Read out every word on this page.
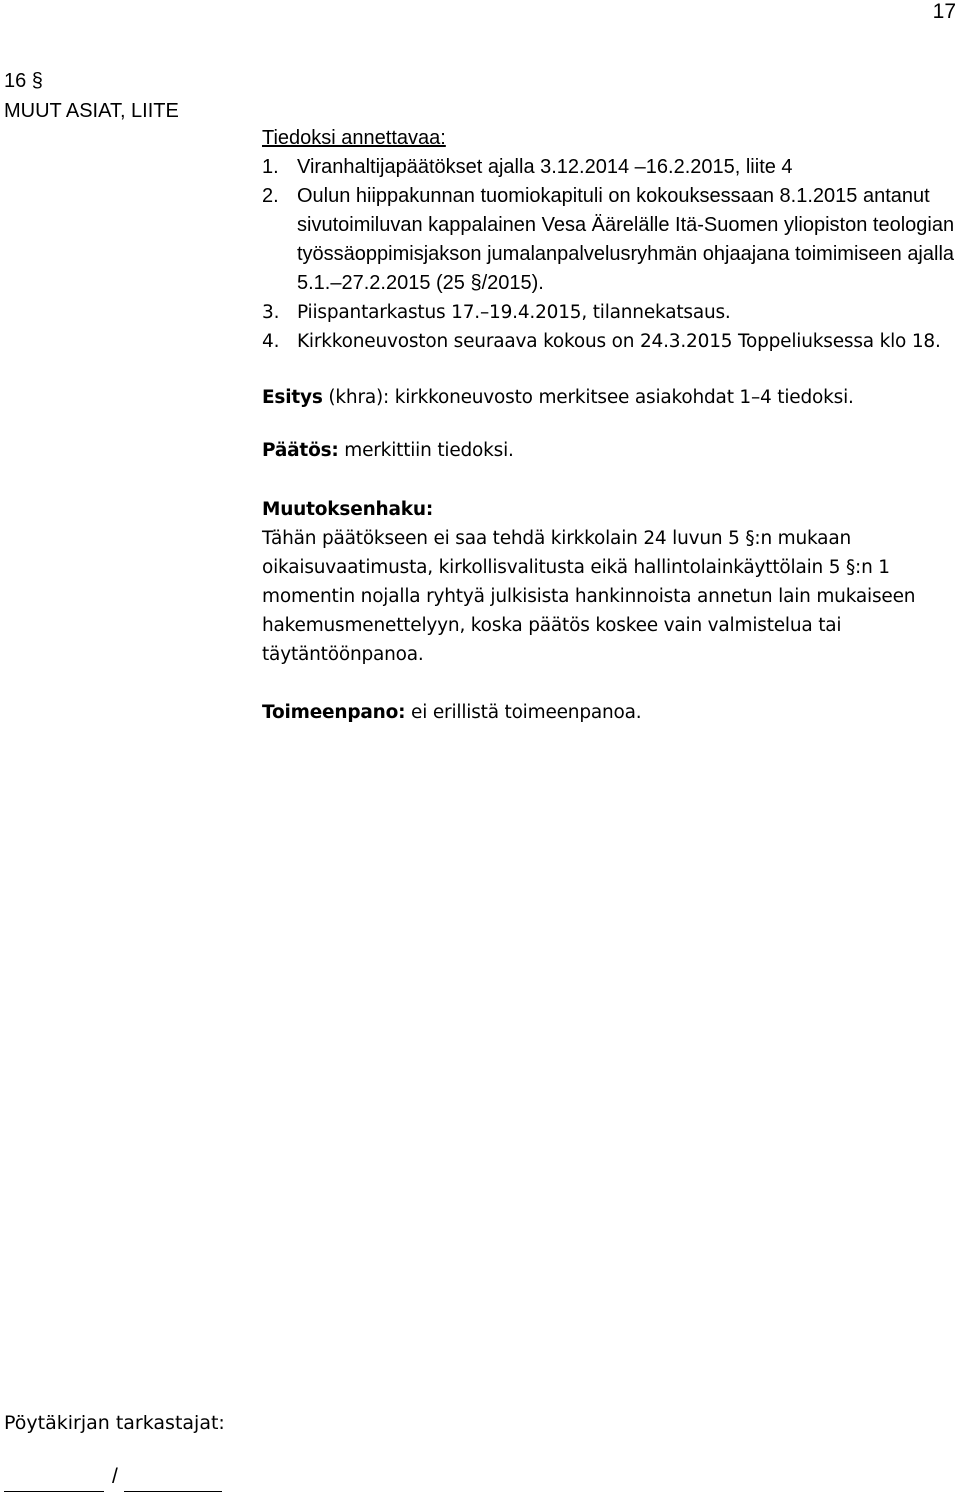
17
16 §
MUUT ASIAT, LIITE

Tiedoksi annettavaa:

1. Viranhaltijapäätökset ajalla 3.12.2014 –16.2.2015, liite 4
2. Oulun hiippakunnan tuomiokapituli on kokouksessaan 8.1.2015 antanut sivutoimiluvan kappalainen Vesa Äärelälle Itä-Suomen yliopiston teologian työssäoppimisjakson jumalanpalvelusryhmän ohjaajana toimimiseen ajalla 5.1.–27.2.2015 (25 §/2015).
3. Piispantarkastus 17.–19.4.2015, tilannekatsaus.
4. Kirkkoneuvoston seuraava kokous on 24.3.2015 Toppeliuksessa klo 18.

Esitys (khra): kirkkoneuvosto merkitsee asiakohdat 1–4 tiedoksi.

Päätös: merkittiin tiedoksi.

Muutoksenhaku:

Tähän päätökseen ei saa tehdä kirkkolain 24 luvun 5 §:n mukaan oikaisuvaatimusta, kirkollisvalitusta eikä hallintolainkäyttölain 5 §:n 1 momentin nojalla ryhtyä julkisista hankinnoista annetun lain mukaiseen hakemusmenettelyyn, koska päätös koskee vain valmistelua tai täytäntöönpanoa.

Toimeenpano: ei erillistä toimeenpanoa.

Pöytäkirjan tarkastajat:
/
